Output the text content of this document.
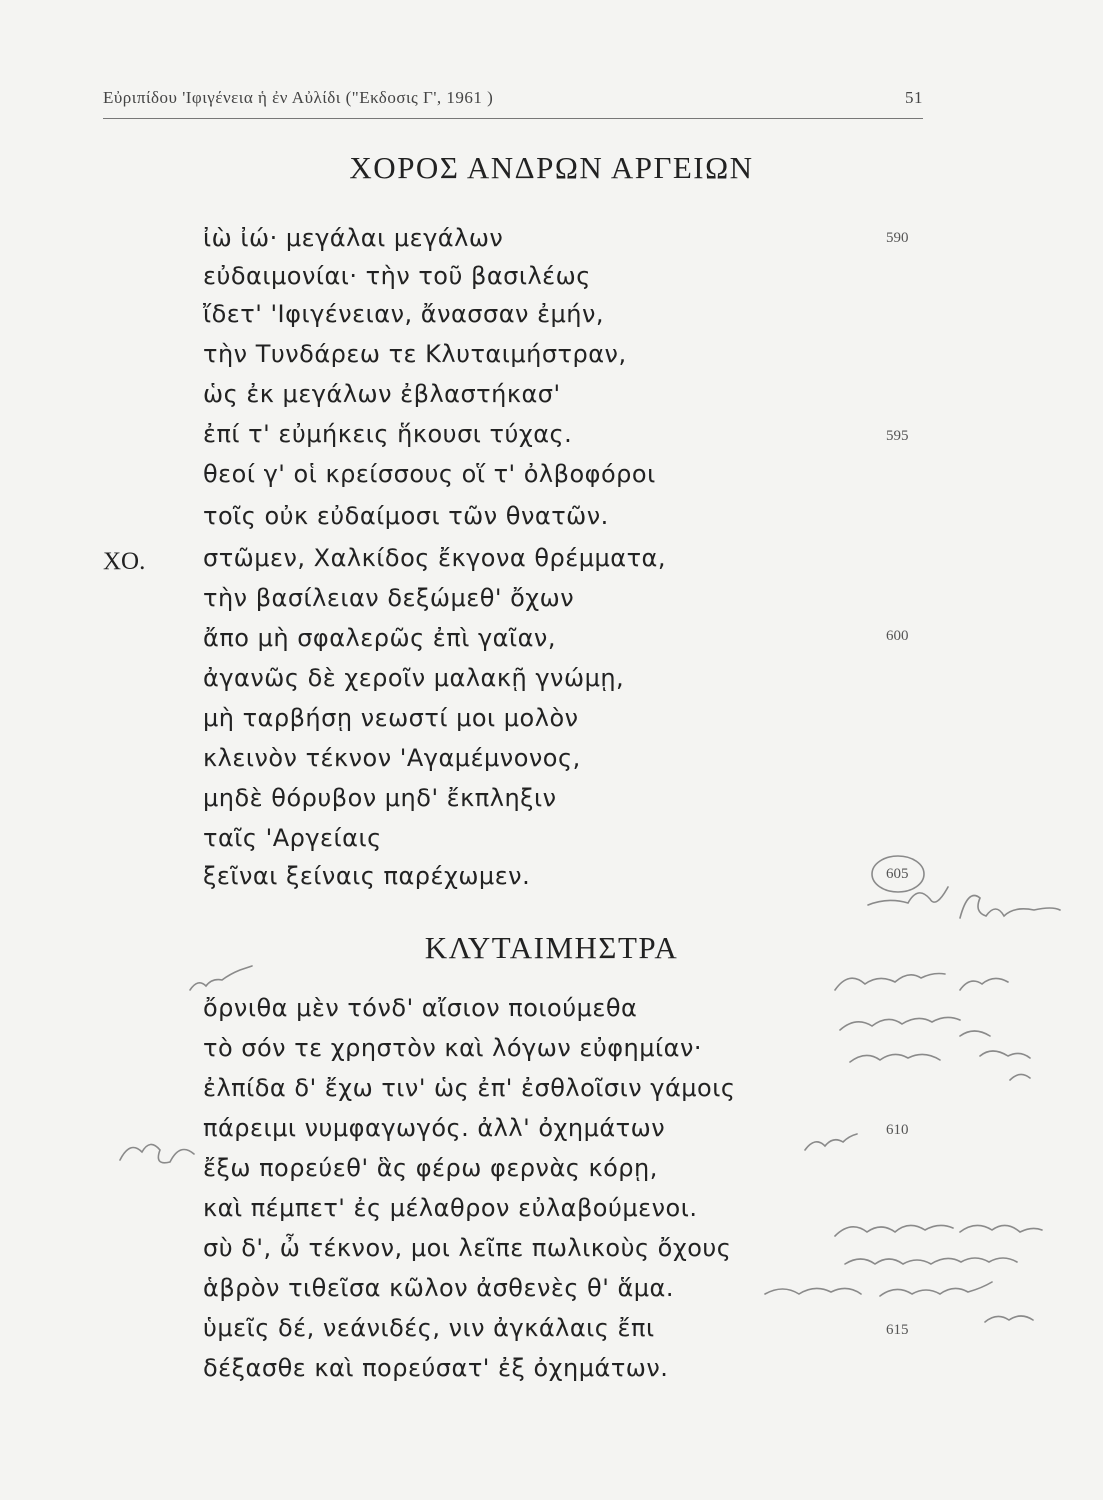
Εὐριπίδου 'Ιφιγένεια ἡ ἐν Αὐλίδι ("Εκδοσις Γ', 1961 )	51
ΧΟΡΟΣ ΑΝΔΡΩΝ ΑΡΓΕΙΩΝ
ἰὼ ἰώ· μεγάλαι μεγάλων
εὐδαιμονίαι· τὴν τοῦ βασιλέως
ἴδετ' 'Ιφιγένειαν, ἄνασσαν ἐμήν,
τὴν Τυνδάρεω τε Κλυταιμήστραν,
ὡς ἐκ μεγάλων ἐβλαστήκασ'
ἐπί τ' εὐμήκεις ἥκουσι τύχας.
θεοί γ' οἱ κρείσσους οἵ τ' ὀλβοφόροι
τοῖς οὐκ εὐδαίμοσι τῶν θνατῶν.
ΧΟ. στῶμεν, Χαλκίδος ἔκγονα θρέμματα,
τὴν βασίλειαν δεξώμεθ' ὄχων
ἄπο μὴ σφαλερῶς ἐπὶ γαῖαν,
ἀγανῶς δὲ χεροῖν μαλακῇ γνώμῃ,
μὴ ταρβήσῃ νεωστί μοι μολὸν
κλεινὸν τέκνον 'Αγαμέμνονος,
μηδὲ θόρυβον μηδ' ἔκπληξιν
ταῖς 'Αργείαις
ξεῖναι ξείναις παρέχωμεν.
ΚΛΥΤΑΙΜΗΣΤΡΑ
ὄρνιθα μὲν τόνδ' αἴσιον ποιούμεθα
τὸ σόν τε χρηστὸν καὶ λόγων εὐφημίαν·
ἐλπίδα δ' ἔχω τιν' ὡς ἐπ' ἐσθλοῖσιν γάμοις
πάρειμι νυμφαγωγός. ἀλλ' ὀχημάτων
ἔξω πορεύεθ' ἃς φέρω φερνὰς κόρῃ,
καὶ πέμπετ' ἐς μέλαθρον εὐλαβούμενοι.
σὺ δ', ὦ τέκνον, μοι λεῖπε πωλικοὺς ὄχους
ἁβρὸν τιθεῖσα κῶλον ἀσθενὲς θ' ἅμα.
ὑμεῖς δέ, νεάνιδές, νιν ἀγκάλαις ἔπι
δέξασθε καὶ πορεύσατ' ἐξ ὀχημάτων.
590
595
600
605
610
615
